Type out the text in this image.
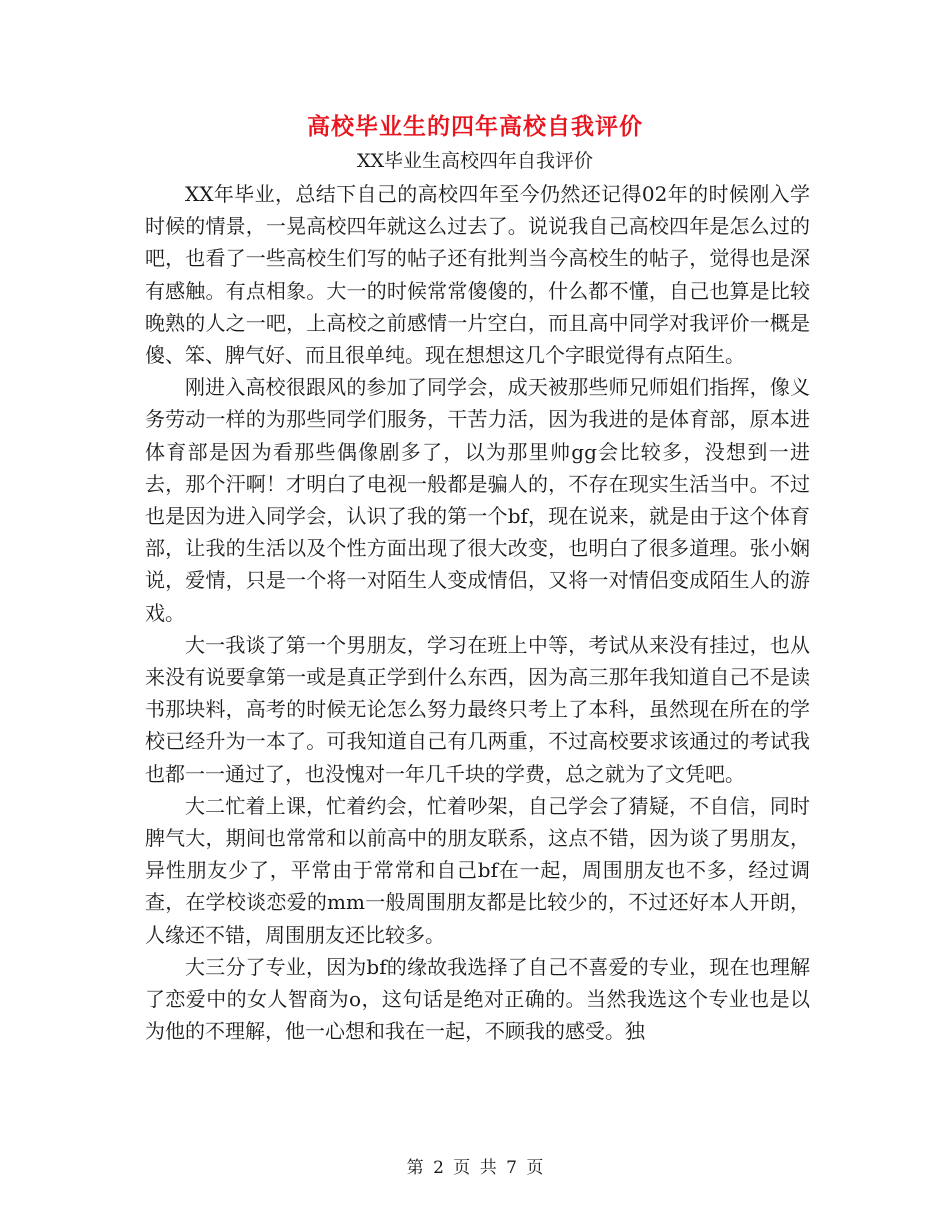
高校毕业生的四年高校自我评价
XX毕业生高校四年自我评价

XX年毕业，总结下自己的高校四年至今仍然还记得02年的时候刚入学时候的情景，一晃高校四年就这么过去了。说说我自己高校四年是怎么过的吧，也看了一些高校生们写的帖子还有批判当今高校生的帖子，觉得也是深有感触。有点相象。大一的时候常常傻傻的，什么都不懂，自己也算是比较晚熟的人之一吧，上高校之前感情一片空白，而且高中同学对我评价一概是傻、笨、脾气好、而且很单纯。现在想想这几个字眼觉得有点陌生。

刚进入高校很跟风的参加了同学会，成天被那些师兄师姐们指挥，像义务劳动一样的为那些同学们服务，干苦力活，因为我进的是体育部，原本进体育部是因为看那些偶像剧多了，以为那里帅gg会比较多，没想到一进去，那个汗啊！才明白了电视一般都是骗人的，不存在现实生活当中。不过也是因为进入同学会，认识了我的第一个bf，现在说来，就是由于这个体育部，让我的生活以及个性方面出现了很大改变，也明白了很多道理。张小娴说，爱情，只是一个将一对陌生人变成情侣，又将一对情侣变成陌生人的游戏。

大一我谈了第一个男朋友，学习在班上中等，考试从来没有挂过，也从来没有说要拿第一或是真正学到什么东西，因为高三那年我知道自己不是读书那块料，高考的时候无论怎么努力最终只考上了本科，虽然现在所在的学校已经升为一本了。可我知道自己有几两重，不过高校要求该通过的考试我也都一一通过了，也没愧对一年几千块的学费，总之就为了文凭吧。

大二忙着上课，忙着约会，忙着吵架，自己学会了猜疑，不自信，同时脾气大，期间也常常和以前高中的朋友联系，这点不错，因为谈了男朋友，异性朋友少了，平常由于常常和自己bf在一起，周围朋友也不多，经过调查，在学校谈恋爱的mm一般周围朋友都是比较少的，不过还好本人开朗，人缘还不错，周围朋友还比较多。

大三分了专业，因为bf的缘故我选择了自己不喜爱的专业，现在也理解了恋爱中的女人智商为o，这句话是绝对正确的。当然我选这个专业也是以为他的不理解，他一心想和我在一起，不顾我的感受。独

第 2 页 共 7 页
